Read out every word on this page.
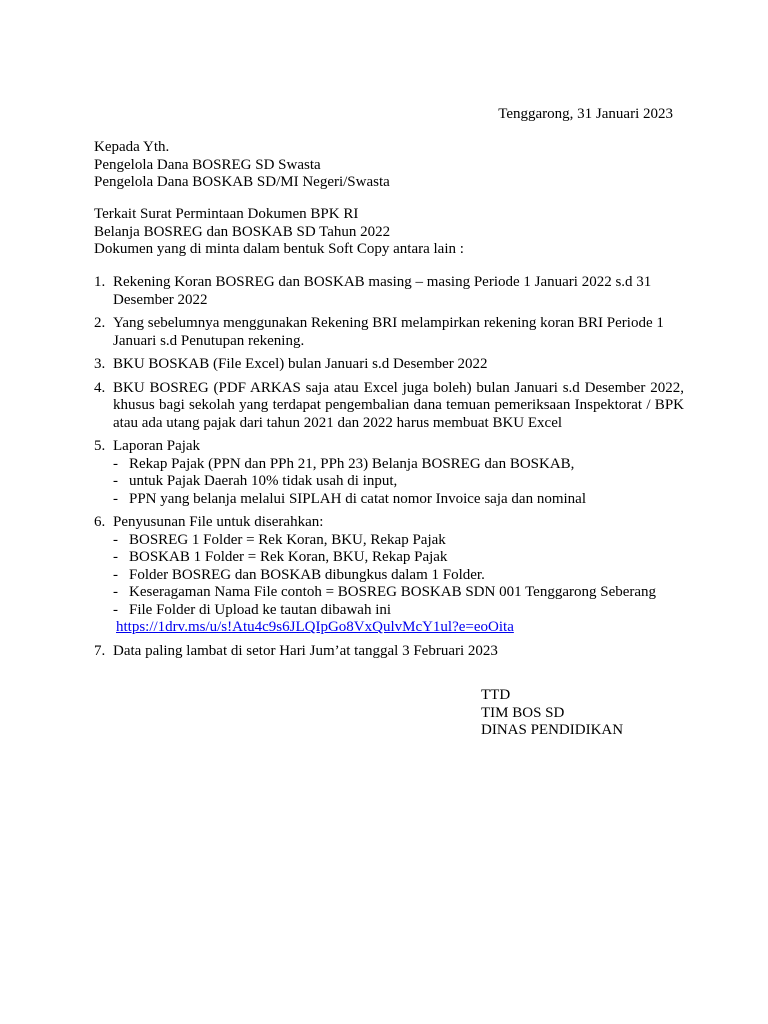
Tenggarong, 31 Januari 2023
Kepada Yth.
Pengelola Dana BOSREG SD Swasta
Pengelola Dana BOSKAB SD/MI Negeri/Swasta
Terkait Surat Permintaan Dokumen BPK RI
Belanja BOSREG dan BOSKAB SD Tahun 2022
Dokumen yang di minta dalam bentuk Soft Copy antara lain :
1. Rekening Koran BOSREG dan BOSKAB masing – masing Periode 1 Januari 2022 s.d 31 Desember 2022
2. Yang sebelumnya menggunakan Rekening BRI melampirkan rekening koran BRI Periode 1 Januari s.d Penutupan rekening.
3. BKU BOSKAB (File Excel) bulan Januari s.d Desember 2022
4. BKU BOSREG (PDF ARKAS saja atau Excel juga boleh) bulan Januari s.d Desember 2022, khusus bagi sekolah yang terdapat pengembalian dana temuan pemeriksaan Inspektorat / BPK atau ada utang pajak dari tahun 2021 dan 2022 harus membuat BKU Excel
5. Laporan Pajak
- Rekap Pajak (PPN dan PPh 21, PPh 23) Belanja BOSREG dan BOSKAB,
- untuk Pajak Daerah 10% tidak usah di input,
- PPN yang belanja melalui SIPLAH di catat nomor Invoice saja dan nominal
6. Penyusunan File untuk diserahkan:
- BOSREG 1 Folder = Rek Koran, BKU, Rekap Pajak
- BOSKAB 1 Folder = Rek Koran, BKU, Rekap Pajak
- Folder BOSREG dan BOSKAB dibungkus dalam 1 Folder.
- Keseragaman Nama File contoh = BOSREG BOSKAB SDN 001 Tenggarong Seberang
- File Folder di Upload ke tautan dibawah ini
https://1drv.ms/u/s!Atu4c9s6JLQIpGo8VxQulvMcY1ul?e=eoOita
7. Data paling lambat di setor Hari Jum’at tanggal 3 Februari 2023
TTD
TIM BOS SD
DINAS PENDIDIKAN
